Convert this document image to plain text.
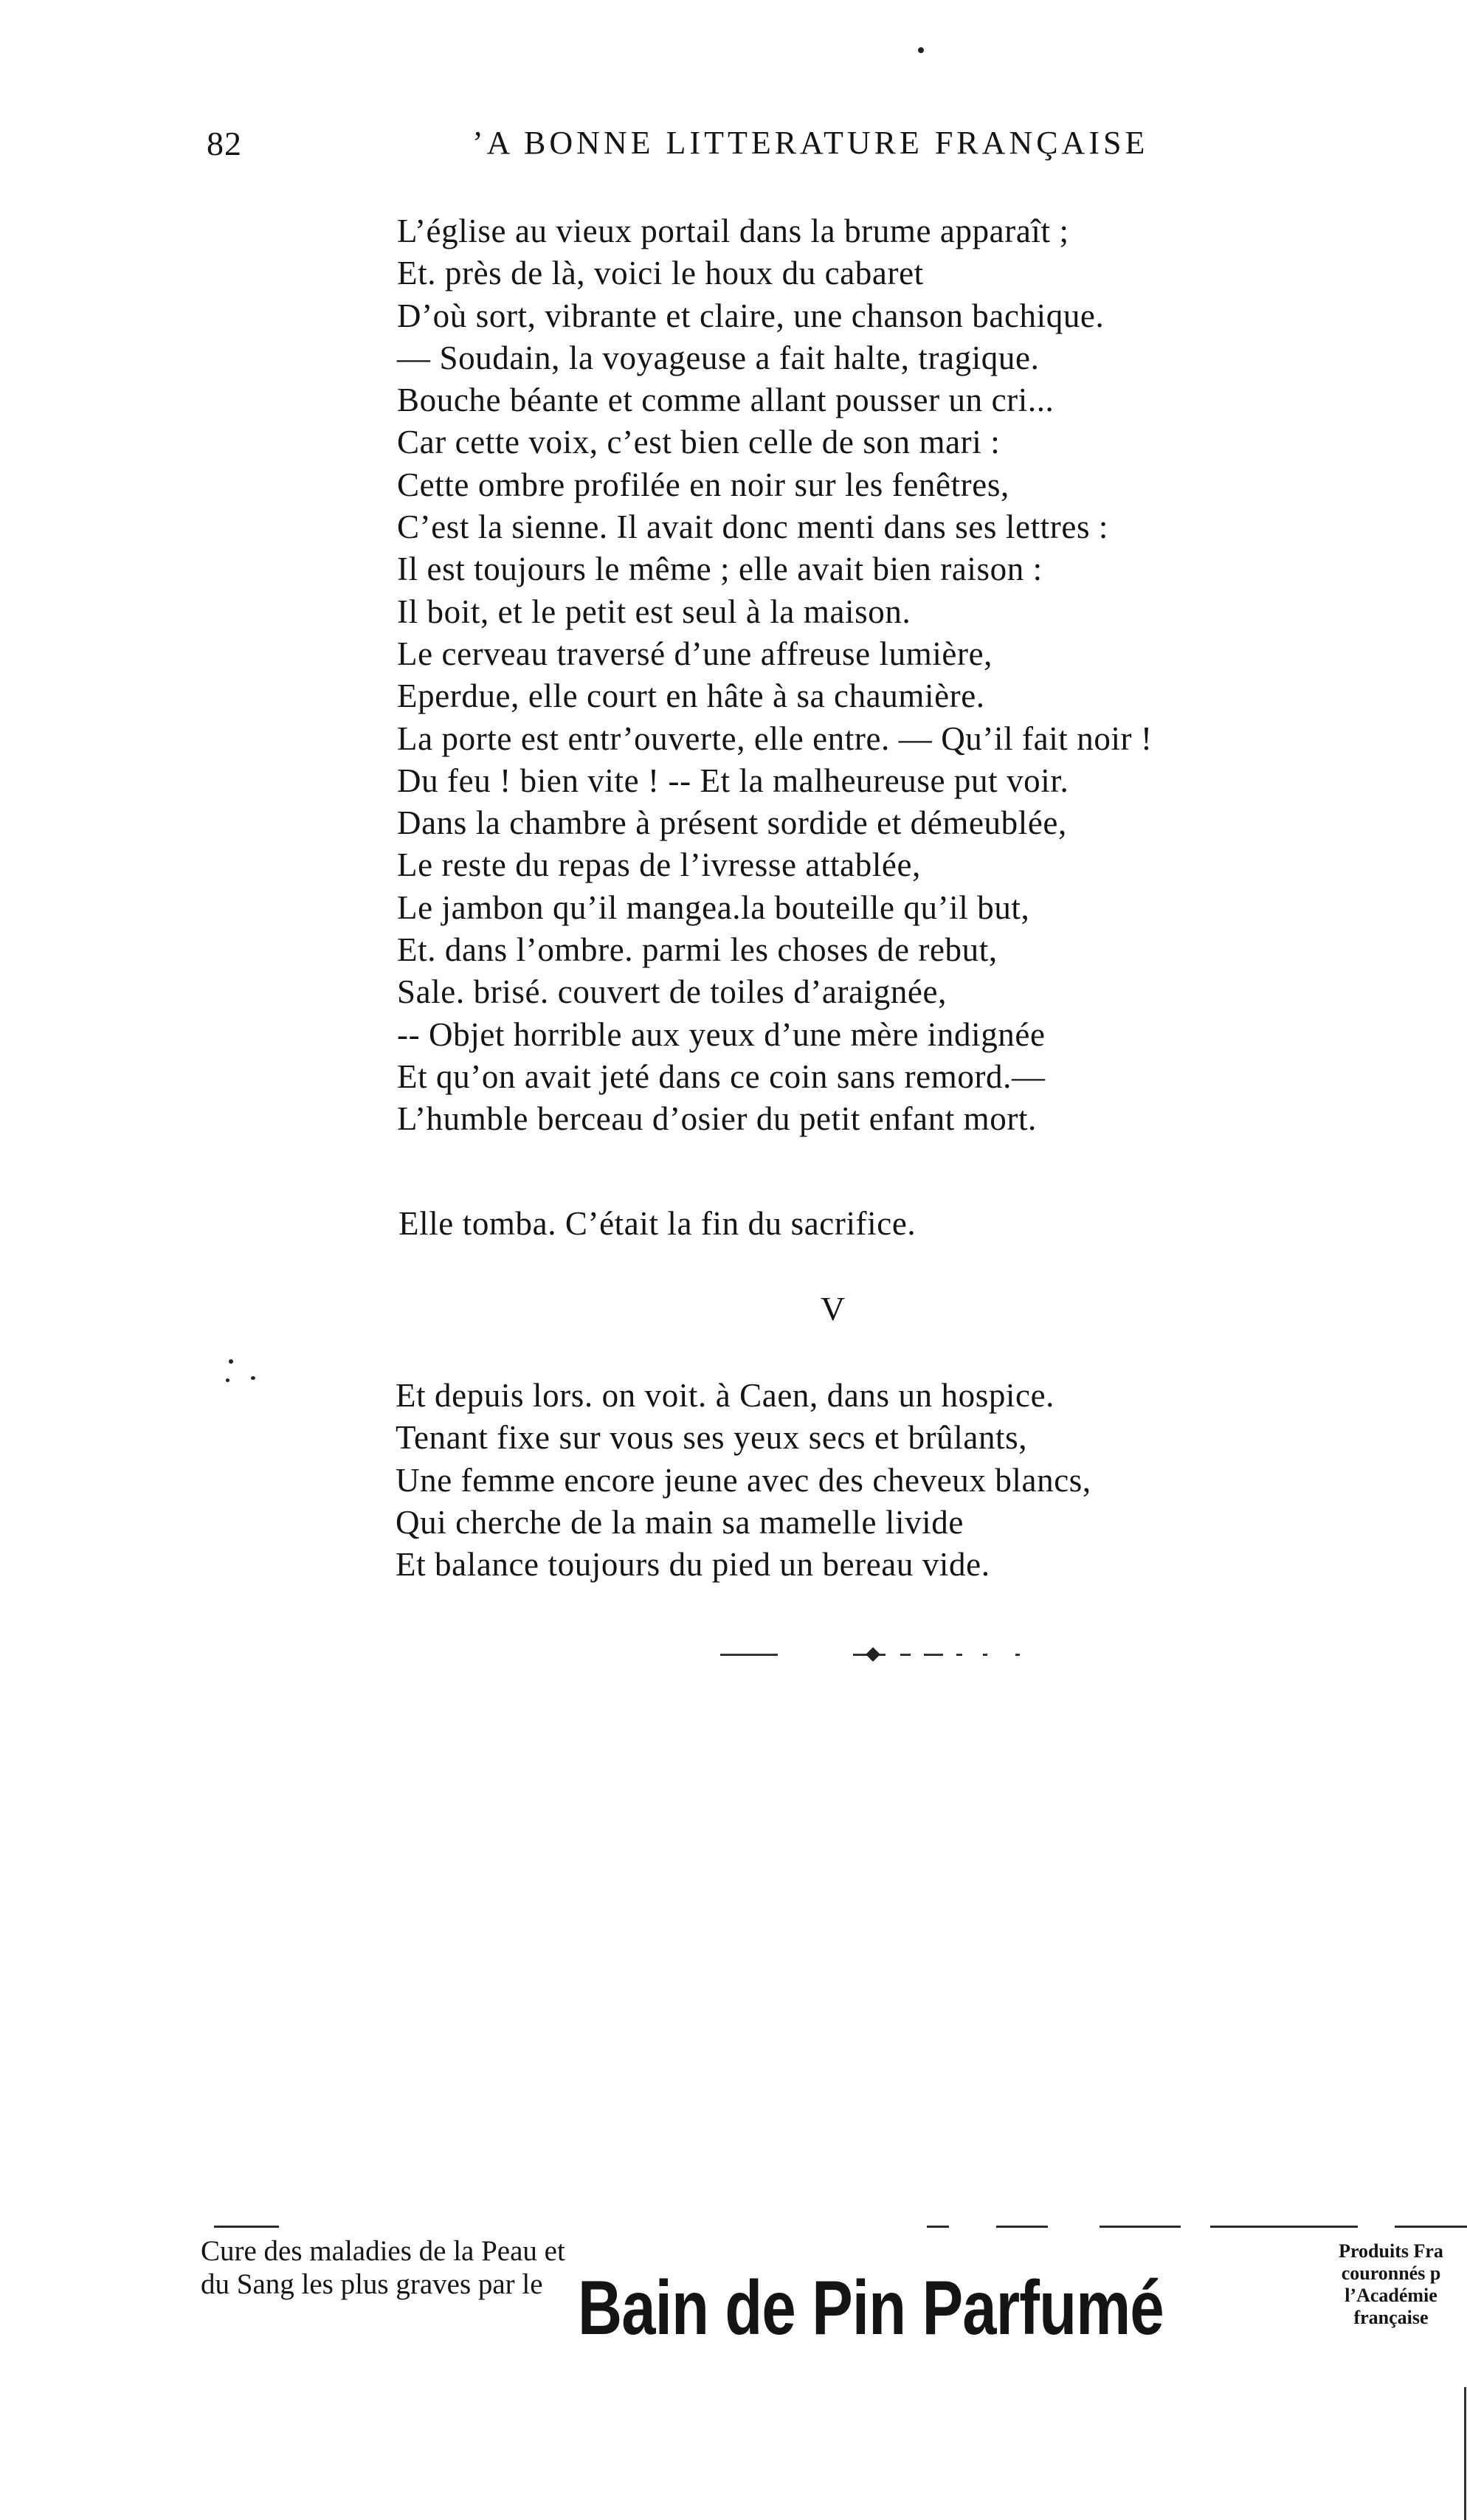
82	’A BONNE LITTERATURE FRANÇAISE
L’église au vieux portail dans la brume apparaît ;
Et. près de là, voici le houx du cabaret
D’où sort, vibrante et claire, une chanson bachique.
— Soudain, la voyageuse a fait halte, tragique.
Bouche béante et comme allant pousser un cri...
Car cette voix, c’est bien celle de son mari :
Cette ombre profilée en noir sur les fenêtres,
C’est la sienne. Il avait donc menti dans ses lettres :
Il est toujours le même ; elle avait bien raison :
Il boit, et le petit est seul à la maison.
Le cerveau traversé d’une affreuse lumière,
Eperdue, elle court en hâte à sa chaumière.
La porte est entr’ouverte, elle entre. — Qu’il fait noir !
Du feu ! bien vite ! -- Et la malheureuse put voir.
Dans la chambre à présent sordide et démeublée,
Le reste du repas de l’ivresse attablée,
Le jambon qu’il mangea.la bouteille qu’il but,
Et. dans l’ombre. parmi les choses de rebut,
Sale. brisé. couvert de toiles d’araignée,
-- Objet horrible aux yeux d’une mère indignée
Et qu’on avait jeté dans ce coin sans remord.—
L’humble berceau d’osier du petit enfant mort.
Elle tomba. C’était la fin du sacrifice.
V
Et depuis lors. on voit. à Caen, dans un hospice.
Tenant fixe sur vous ses yeux secs et brûlants,
Une femme encore jeune avec des cheveux blancs,
Qui cherche de la main sa mamelle livide
Et balance toujours du pied un bereau vide.
Cure des maladies de la Peau et du Sang les plus graves par le Bain de Pin Parfumé
Produits Fra couronnés p l’Académie française
